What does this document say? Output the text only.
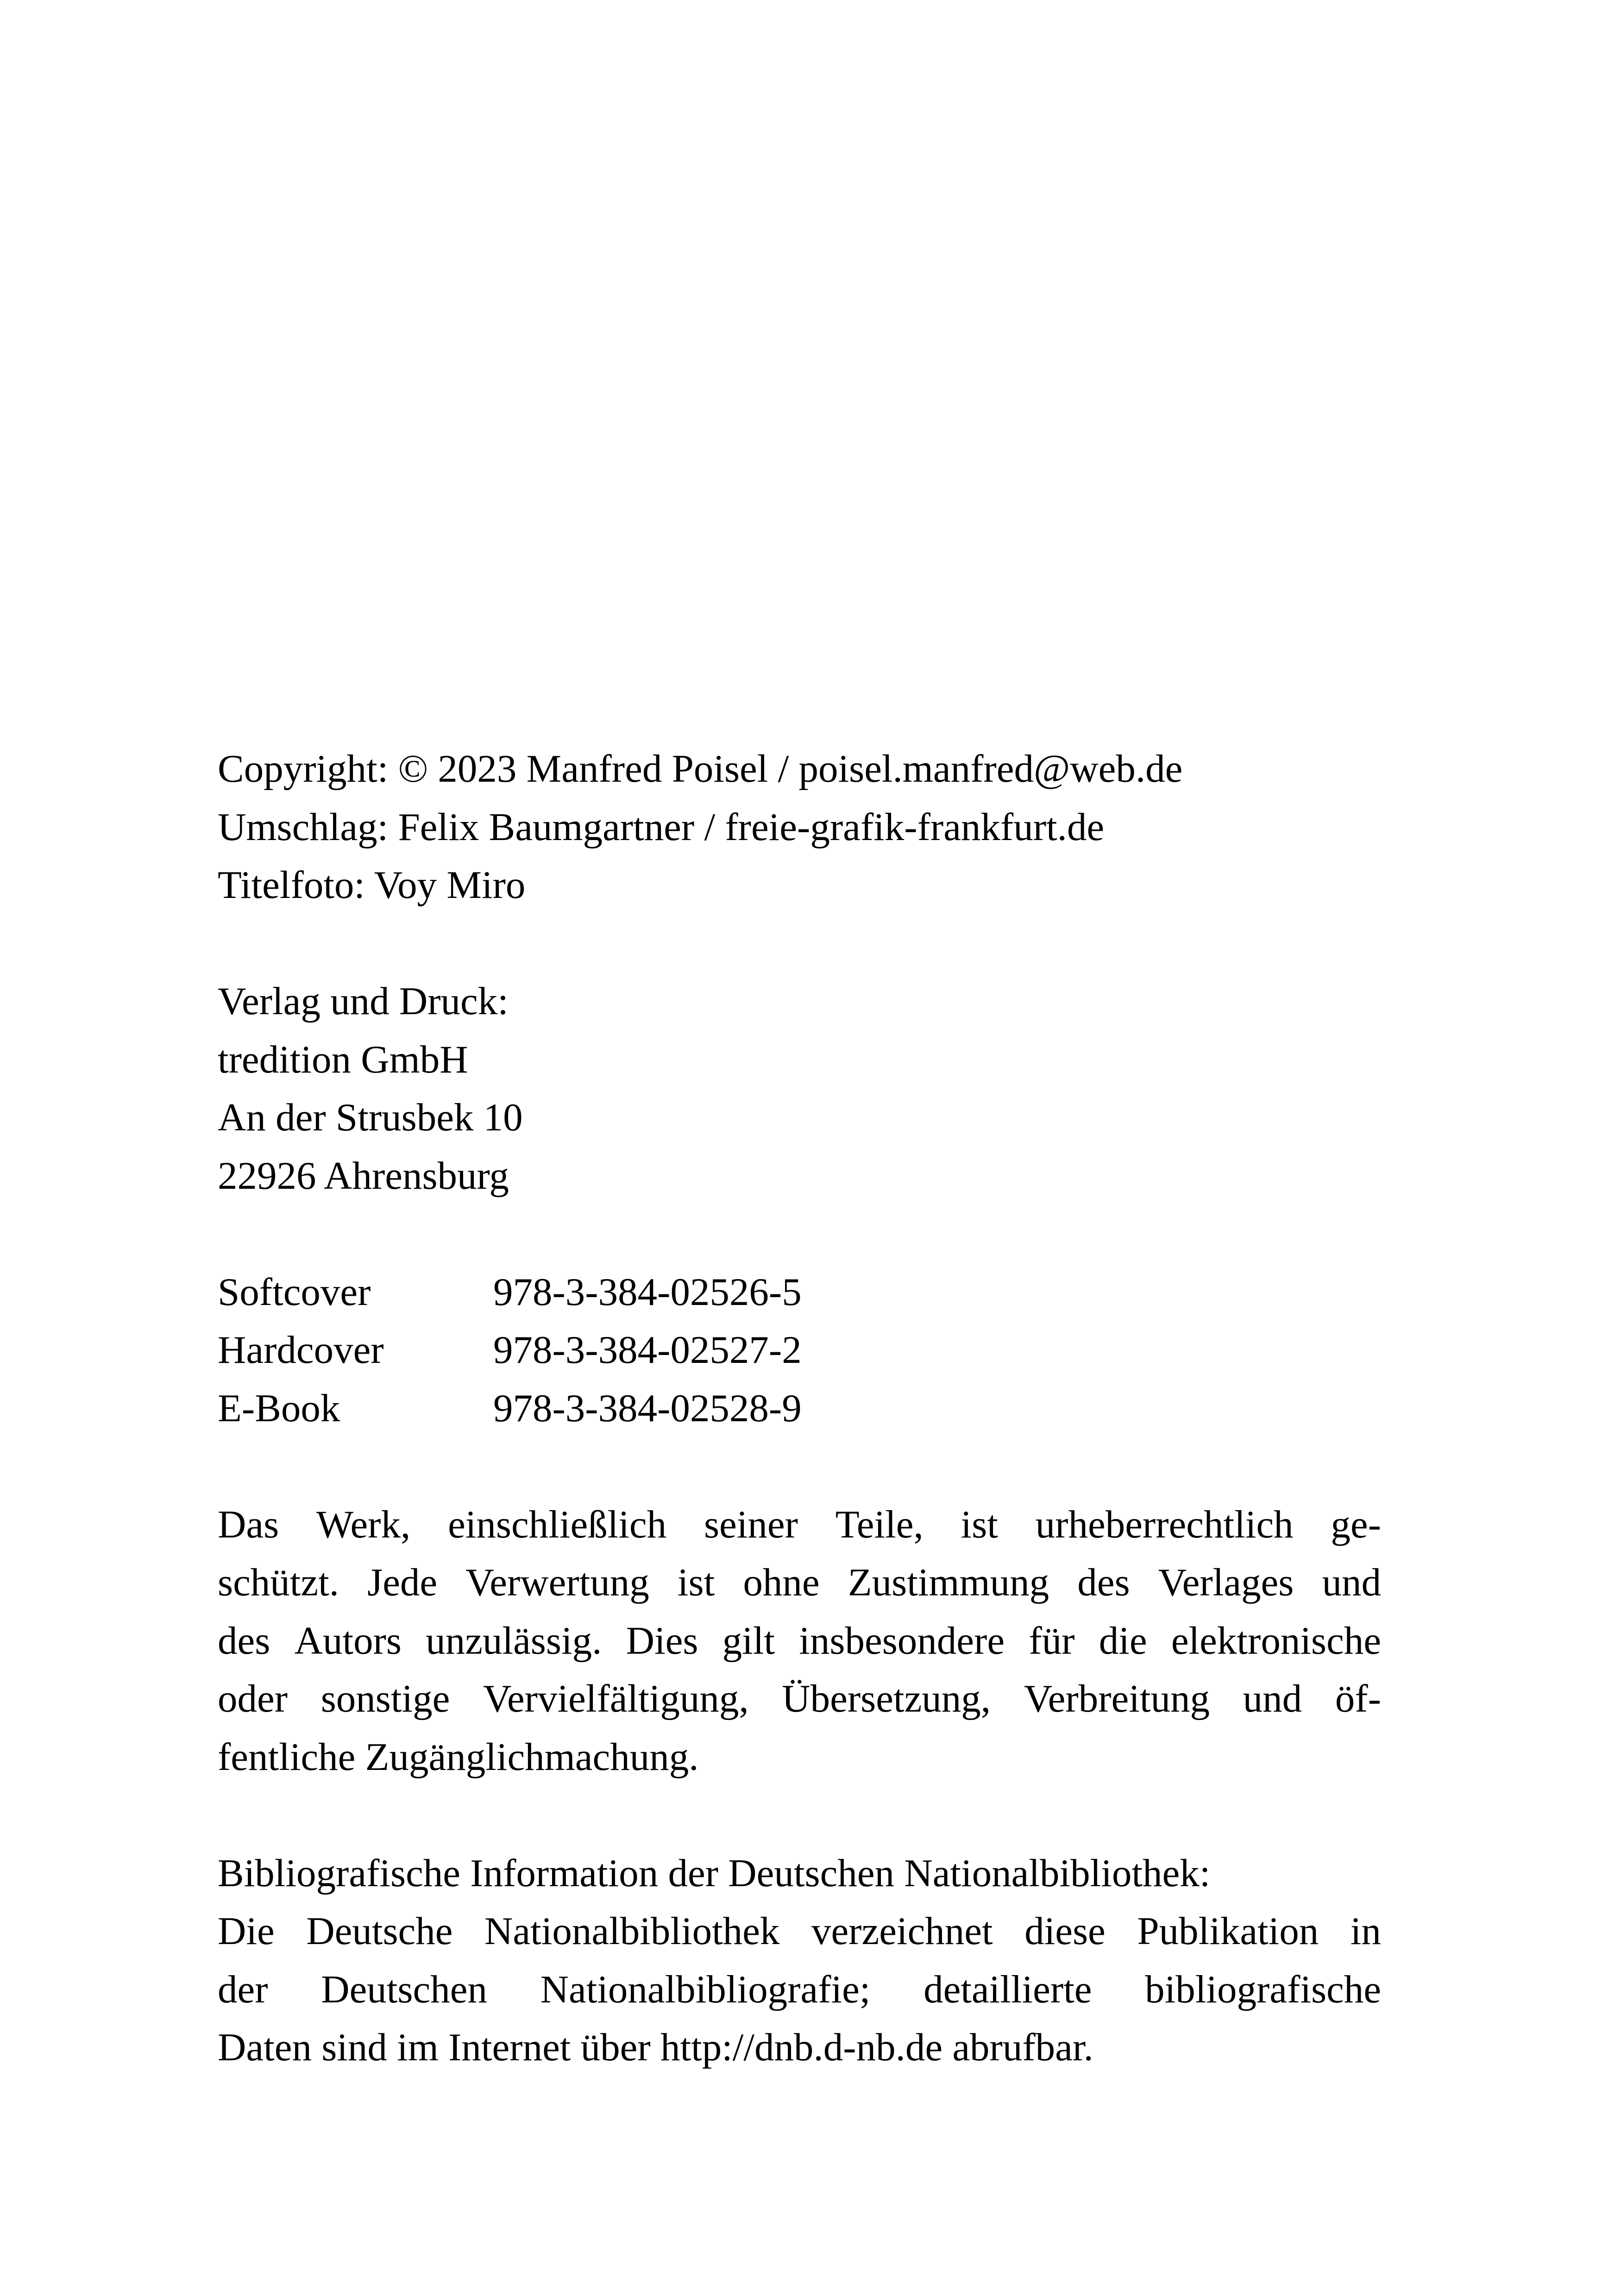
Copyright: © 2023 Manfred Poisel / poisel.manfred@web.de
Umschlag: Felix Baumgartner / freie-grafik-frankfurt.de
Titelfoto: Voy Miro
Verlag und Druck:
tredition GmbH
An der Strusbek 10
22926 Ahrensburg
Softcover	978-3-384-02526-5
Hardcover	978-3-384-02527-2
E-Book	978-3-384-02528-9
Das Werk, einschließlich seiner Teile, ist urheberrechtlich ge-
schützt. Jede Verwertung ist ohne Zustimmung des Verlages und
des Autors unzulässig. Dies gilt insbesondere für die elektronische
oder sonstige Vervielfältigung, Übersetzung, Verbreitung und öf-
fentliche Zugänglichmachung.
Bibliografische Information der Deutschen Nationalbibliothek:
Die Deutsche Nationalbibliothek verzeichnet diese Publikation in
der Deutschen Nationalbibliografie; detaillierte bibliografische
Daten sind im Internet über http://dnb.d-nb.de abrufbar.
